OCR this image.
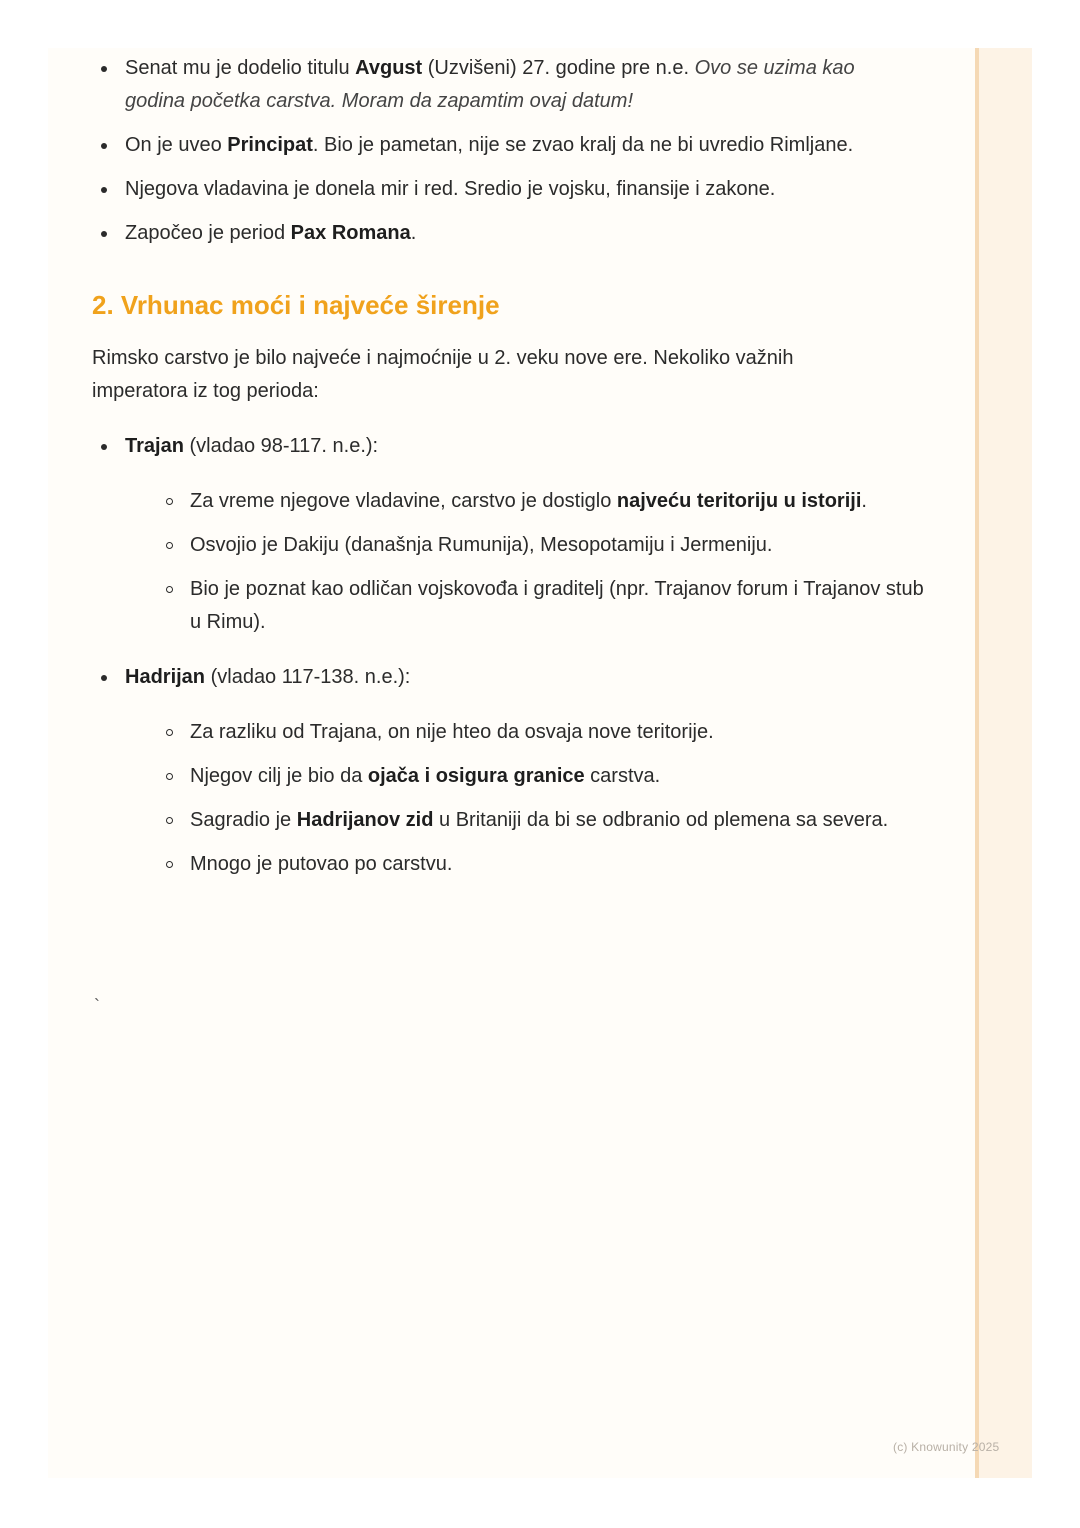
Senat mu je dodelio titulu Avgust (Uzvišeni) 27. godine pre n.e. Ovo se uzima kao godina početka carstva. Moram da zapamtim ovaj datum!
On je uveo Principat. Bio je pametan, nije se zvao kralj da ne bi uvredio Rimljane.
Njegova vladavina je donela mir i red. Sredio je vojsku, finansije i zakone.
Započeo je period Pax Romana.
2. Vrhunac moći i najveće širenje

Rimsko carstvo je bilo najveće i najmoćnije u 2. veku nove ere. Nekoliko važnih imperatora iz tog perioda:

Trajan (vladao 98-117. n.e.):
Za vreme njegove vladavine, carstvo je dostiglo najveću teritoriju u istoriji.
Osvojio je Dakiju (današnja Rumunija), Mesopotamiju i Jermeniju.
Bio je poznat kao odličan vojskovođa i graditelj (npr. Trajanov forum i Trajanov stub u Rimu).
Hadrijan (vladao 117-138. n.e.):
Za razliku od Trajana, on nije hteo da osvaja nove teritorije.
Njegov cilj je bio da ojača i osigura granice carstva.
Sagradio je Hadrijanov zid u Britaniji da bi se odbranio od plemena sa severa.
Mnogo je putovao po carstvu.
`
(c) Knowunity 2025
